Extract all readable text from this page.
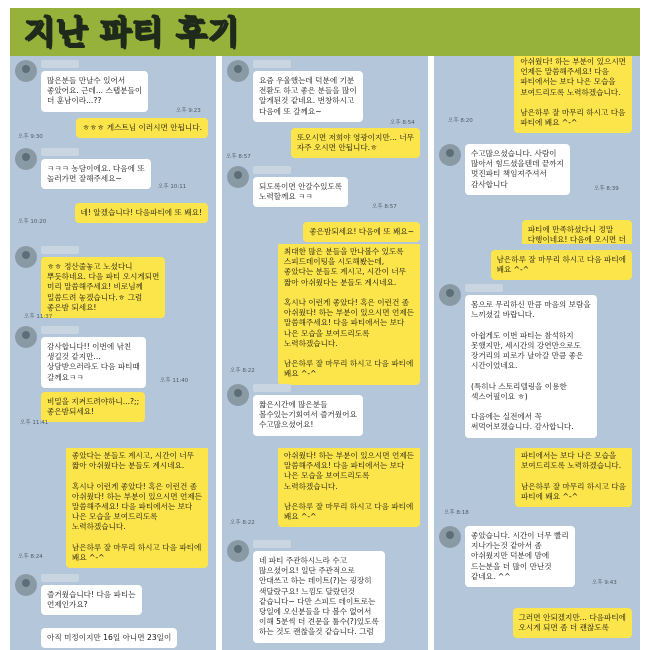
지난 파티 후기
많은분들 만날수 있어서
좋았어요. 근데... 스탭분들이
더 훈남이라...??
오후 9:23
ㅎㅎㅎ 게스트님 이러시면 안됩니다.
오후 9:30
ㅋㅋㅋ 농담이에요. 다음에 또
놀러가면 잘해주세요~
오후 10:11
네! 알겠습니다! 다음파티에 또 봬요!
오후 10:20
요즘 우울했는데 덕분에 기분
전환도 하고 좋은 분들을 많이
알게된것 같네요. 번창하시고
다음에 또 갈께요~
오후 8:54
또오시면 저희야 영광이지만... 너무
자주 오시면 안됩니다.ㅎ
오후 8:57
되도록이면 안갈수있도록
노력할께요 ㅋㅋ
오후 8:57
좋은밤되세요! 다음에 또 봬요~
아쉬웠다! 하는 부분이 있으시면
언제든 말씀해주세요! 다음
파티에서는 보다 나은 모습을
보여드리도록 노력하겠습니다.

남은하루 잘 마무리 하시고 다음
파티에 봬요 ^-^
오후 8:20
수고많으셨습니다. 사람이
많아서 힘드셨을텐데 끝까지
멋진파티 책임져주셔서
감사합니다
오후 8:39
파티에 만족하셨다니 정말
다행이네요! 다음에 오시면 더
ㅎㅎ 정산줄놓고 노셨다니
뿌듯하네요. 다음 파티 오시게되면
미리 말씀해주세요! 비로님께
밀씀드려 놓겠습니다.ㅎ 그럼
좋은밤 되세요!
오후 11:37
감사합니다!! 이번에 낚친
생길것 같지만...
상담받으러라도 다음 파티때
갈께요ㅋㅋ	오후 11:40
비밀을 지켜드려야하니...?;;
좋은밤되세요!
오후 11:41
최대한 많은 분들을 만나볼수 있도록
스피드데이팅을 시도해봤는데,
좋았다는 분들도 계시고, 시간이 너무
짧아 아쉬웠다는 분들도 계시네요.

혹시나 이런게 좋았다! 혹은 이런건 좀
아쉬웠다! 하는 부분이 있으시면 언제든
말씀해주세요! 다음 파티에서는 보다
나은 모습을 보여드리도록
노력하겠습니다.

남은하루 잘 마무리 하시고 다음 파티에
봬요 ^-^
오후 8:22
짧은시간에 많은분들
볼수있는기회여서 즐거웠어요
수고많으셨어요!
남은하루 잘 마무리 하시고 다음 파티에
봬요 ^-^
몸으로 무리하신 만큼 마음의 보람을
느끼셨길 바랍니다.

아쉽게도 이번 파티는 참석하지
못했지만, 세시간의 강연만으로도
장거리의 피로가 날아갈 만큼 좋은
시간이었네요.

(특히나 스토리텔링을 이용한
섹스어필이요 ㅎ)

다음에는 실전에서 꼭
써먹어보겠습니다. 감사합니다.
좋았다는 분들도 계시고, 시간이 너무
짧아 아쉬웠다는 분들도 계시네요.

혹시나 이런게 좋았다! 혹은 이런건 좀
아쉬웠다! 하는 부분이 있으시면 언제든
말씀해주세요! 다음 파티에서는 보다
나은 모습을 보여드리도록
노력하겠습니다.

남은하루 잘 마무리 하시고 다음 파티에
봬요 ^-^
오후 8:24
즐거웠습니다! 다음 파티는
언제인가요?
아직 미정이지만 16일 아니면 23일이
아쉬웠다! 하는 부분이 있으시면 언제든
말씀해주세요! 다음 파티에서는 보다
나은 모습을 보여드리도록
노력하겠습니다.

남은하루 잘 마무리 하시고 다음 파티에
봬요 ^-^
오후 8:22
네 파티 주관하시느라 수고
많으셨어요! 일단 주관적으로
안대쓰고 하는 데이트(?)는 굉장히
색달랐구요! 느낌도 달랐던것
같습니다~ 다만 스피드 데이트로는
당일에 오신분들을 다 볼수 없어서
이해 5분씩 더 견문을 툴수(?)있도록
하는 것도 괜찮을것 같습니다. 그럼
파티에서는 보다 나은 모습을
보여드리도록 노력하겠습니다.

남은하루 잘 마무리 하시고 다음
파티에 봬요 ^-^
오후 8:18
좋았습니다. 시간이 너무 빨리
지나가는것 같아서 좀
아쉬웠지만 덕분에 맘에
드는분을 더 많이 만난것
같네요. ^^
오후 9:43
그러면 안되겠지만... 다음파티에
오시게 되면 좀 더 괜찮도록
